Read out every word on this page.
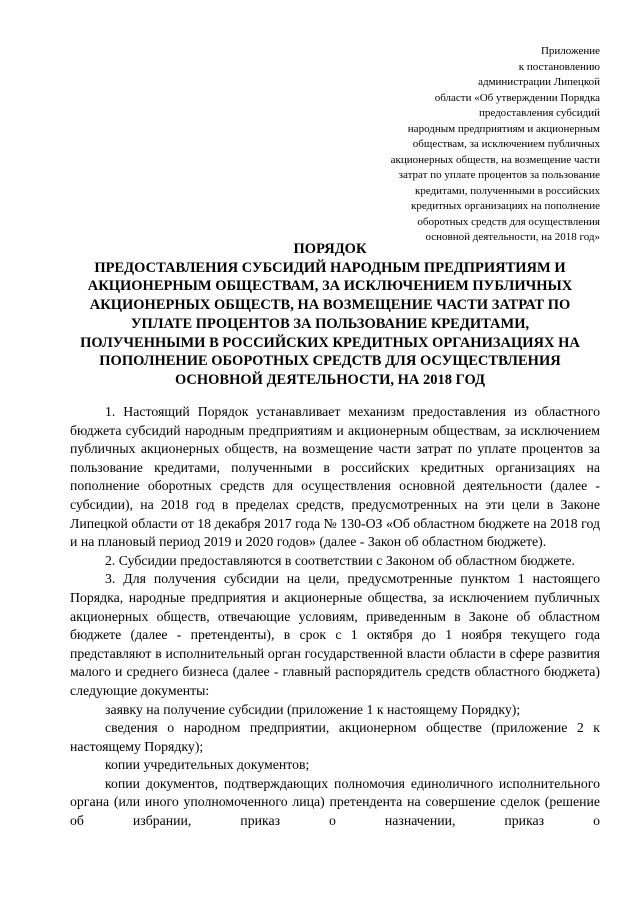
Приложение
к постановлению
администрации Липецкой
области «Об утверждении Порядка
предоставления субсидий
народным предприятиям и акционерным
обществам, за исключением публичных
акционерных обществ, на возмещение части
затрат по уплате процентов за пользование
кредитами, полученными в российских
кредитных организациях на пополнение
оборотных средств для осуществления
основной деятельности, на 2018 год»
ПОРЯДОК
ПРЕДОСТАВЛЕНИЯ СУБСИДИЙ НАРОДНЫМ ПРЕДПРИЯТИЯМ И
АКЦИОНЕРНЫМ ОБЩЕСТВАМ, ЗА ИСКЛЮЧЕНИЕМ ПУБЛИЧНЫХ
АКЦИОНЕРНЫХ ОБЩЕСТВ, НА ВОЗМЕЩЕНИЕ ЧАСТИ ЗАТРАТ ПО
УПЛАТЕ ПРОЦЕНТОВ ЗА ПОЛЬЗОВАНИЕ КРЕДИТАМИ,
ПОЛУЧЕННЫМИ В РОССИЙСКИХ КРЕДИТНЫХ ОРГАНИЗАЦИЯХ НА
ПОПОЛНЕНИЕ ОБОРОТНЫХ СРЕДСТВ ДЛЯ ОСУЩЕСТВЛЕНИЯ
ОСНОВНОЙ ДЕЯТЕЛЬНОСТИ, НА 2018 ГОД

1. Настоящий Порядок устанавливает механизм предоставления из областного бюджета субсидий народным предприятиям и акционерным обществам, за исключением публичных акционерных обществ, на возмещение части затрат по уплате процентов за пользование кредитами, полученными в российских кредитных организациях на пополнение оборотных средств для осуществления основной деятельности (далее - субсидии), на 2018 год в пределах средств, предусмотренных на эти цели в Законе Липецкой области от 18 декабря 2017 года № 130-ОЗ «Об областном бюджете на 2018 год и на плановый период 2019 и 2020 годов» (далее - Закон об областном бюджете).

2. Субсидии предоставляются в соответствии с Законом об областном бюджете.

3. Для получения субсидии на цели, предусмотренные пунктом 1 настоящего Порядка, народные предприятия и акционерные общества, за исключением публичных акционерных обществ, отвечающие условиям, приведенным в Законе об областном бюджете (далее - претенденты), в срок с 1 октября до 1 ноября текущего года представляют в исполнительный орган государственной власти области в сфере развития малого и среднего бизнеса (далее - главный распорядитель средств областного бюджета) следующие документы:

заявку на получение субсидии (приложение 1 к настоящему Порядку);

сведения о народном предприятии, акционерном обществе (приложение 2 к настоящему Порядку);

копии учредительных документов;

копии документов, подтверждающих полномочия единоличного исполнительного органа (или иного уполномоченного лица) претендента на совершение сделок (решение об избрании, приказ о назначении, приказ о
